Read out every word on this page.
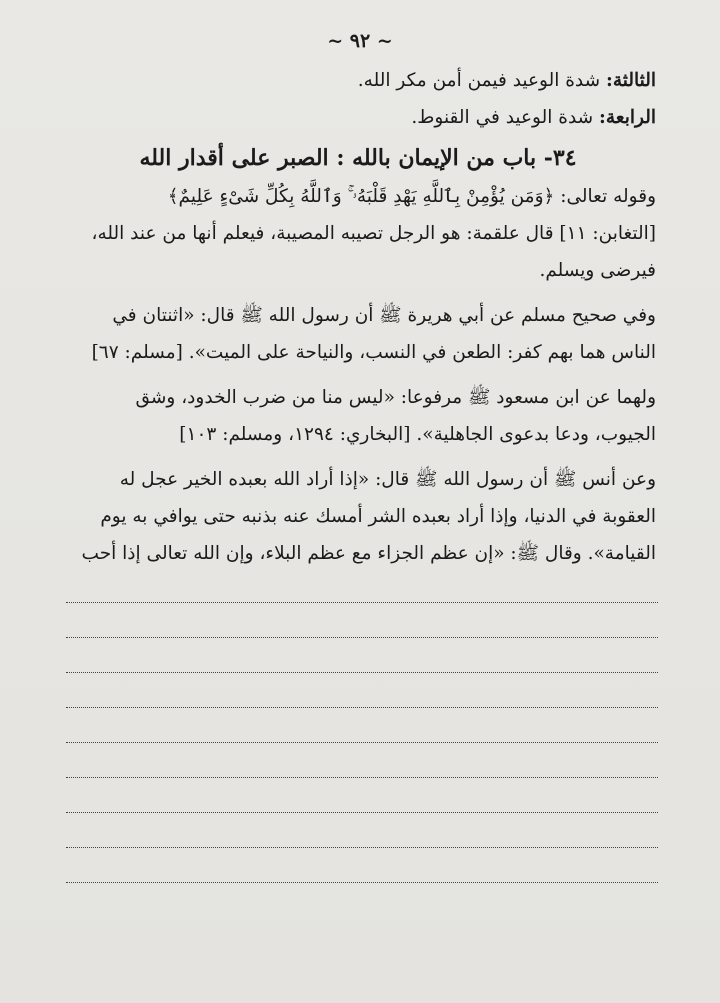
~ ٩٢ ~

الثالثة: شدة الوعيد فيمن أمن مكر الله.

الرابعة: شدة الوعيد في القنوط.

٣٤- باب من الإيمان بالله : الصبر على أقدار الله

وقوله تعالى: ﴿وَمَن يُؤْمِنْ بِٱللَّهِ يَهْدِ قَلْبَهُۥ ۚ وَٱللَّهُ بِكُلِّ شَىْءٍ عَلِيمٌ﴾

[التغابن: ١١] قال علقمة: هو الرجل تصيبه المصيبة، فيعلم أنها من عند الله،

فيرضى ويسلم.

وفي صحيح مسلم عن أبي هريرة ﷺ أن رسول الله ﷺ قال: «اثنتان في

الناس هما بهم كفر: الطعن في النسب، والنياحة على الميت». [مسلم: ٦٧]

ولهما عن ابن مسعود ﷺ مرفوعا: «ليس منا من ضرب الخدود، وشق

الجيوب، ودعا بدعوى الجاهلية». [البخاري: ١٢٩٤، ومسلم: ١٠٣]

وعن أنس ﷺ أن رسول الله ﷺ قال: «إذا أراد الله بعبده الخير عجل له

العقوبة في الدنيا، وإذا أراد بعبده الشر أمسك عنه بذنبه حتى يوافي به يوم

القيامة». وقال ﷺ: «إن عظم الجزاء مع عظم البلاء، وإن الله تعالى إذا أحب
